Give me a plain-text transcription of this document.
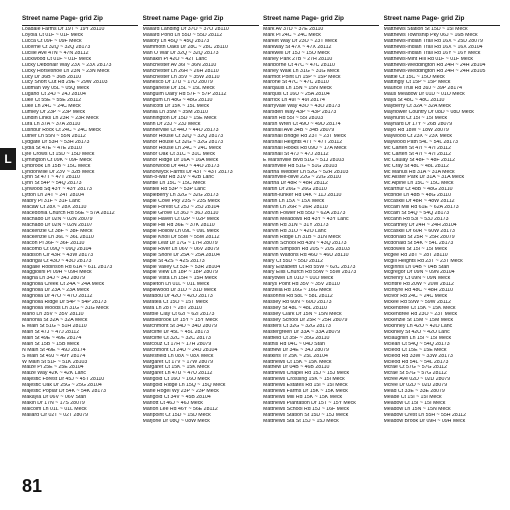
L
Street name Page- grid Zip
Loadale Farms Dr 19T ~ 19Y 28110
Loyola Ct 01F ~ 01F Meck
Lucca Ct 09F ~ 09F Meck
Lucerne Ct 32Q ~ 32Q 28173
Lucille Ave 47N ~ 47N 28112
Luckwood Ct 01F ~ 01F Meck
Lucky Debonair Way 23X ~ 23X 28173
Lucky Horseshoe Ln 23N ~ 23N Meck
Lucy Dr 36B ~ 36B 28110
Lucy Short Cut Rd 29E ~ 29W 28103
Ludman Wy 05L ~ 05Q Meck
Lugano Ct 24J ~ 24J 28104
Luke Ct 55E ~ 55E 28112
Luke Ln 24C ~ 24C Meck
Lumley Dr 23P ~ 23P Meck
Lundin Links Ln 23R ~ 23R Meck
Lura Ln 37A ~ 37A 28110
Lushbur Rock Ct 24C ~ 24C Meck
Luther Ln 55N ~ 55N 28112
Lydgate Dr 53H ~ 53H 28173
Lydia St 47E ~ 47E 28110
Lyle Crows Ct 15D ~ 15D Meck
Lymington Ct 09K ~ 09F Meck
Lynbrook Ln 15B ~ 15C Meck
Lyndonville Dr 23V ~ 32B Meck
Lynn St 47T ~ 47T 28110
Lynn St 54P ~ 54Q 28173
Lynwood Sq 43Y ~ 43Y 28173
Lytton Ln 24T ~ 24T 28104
Mabry Pl 31F ~ 31F Lanc
Macaw Ct 28X ~ 28X 28110
Macedonia Church Rd 56E ~ 57A 28112
Machado Dr 02N ~ 02N 28079
Machado Dr 02N ~ 02N 28107
Mackenzie Ct 38F ~ 38F Meck
Mackenzie Ln 36L ~ 36L 28110
Macon Pl 36F ~ 36F 28110
Macomb Ct 09Q ~ 09Q 28104
Madison Cir 43R ~ 43W 28173
Madrigal Ct 43O ~ 43O 28173
Magalie Robinson Rd 61A ~ 61L 28173
Maggiolini Pl 09H ~ 09H Meck
Magna Ln 34J ~ 34J 28079
Magnolia Creek Ct 24A ~ 24A Meck
Magnolia Dr 23A ~ 23A Meck
Magnolia Dr 47O ~ 47O 28112
Magnolia Ridge Dr 54P ~ 54P 28173
Magnolia Woods Ln 31G ~ 31G Meck
Maho Ln 35V ~ 35V 28110
Mahonia St 32A ~ 32A Meck
E Main St 51G ~ 51H 28110
Main St 47J ~ 47J 28112
Main St 49E ~ 49E 28174
Main St 15B ~ 15B Meck
N Main St 49E ~ 49J 28174
S Main St 49J ~ 49Y 28174
W Main St 51F ~ 51K 28103
Maize Pl 25E ~ 25E 28104
Maize Way 42K ~ 42K Lanc
Majestic Forest Dr 45J ~ 45T 28110
Majestic Oak Dr 25G ~ 25G 28104
Majestic Poplar Dr 54K ~ 54K 28173
Makayla Dr 06V ~ 06V Stan
Makin Dr 17N ~ 17S 28079
Malcolm Ln 01L ~ 01L Meck
Mallard Cir 02T ~ 02T 28079
Street name Page- grid Zip
Mallard Landing Dr 37O ~ 37O 28110
Mallard Pond Ln 55D ~ 55D 28112
Mallory Ln 45Q ~ 45Q 28173
Mammoth Oaks Dr 28C ~ 28C 28110
Man O War Dr 32Q ~ 32Q 28173
Manakin Pl 42O ~ 42T Lanc
Manchester Av 36I ~ 36N 28110
Manchester Ln 26H ~ 26H 28110
Manchester Ln 35V ~ 35W 28110
Manesco Dr 17U ~ 17U 28079
Manganese Dr 15L ~ 15L Meck
Manguim Dairy Rd 57F ~ 57P 28112
Mangum Ln 48G ~ 48G 28110
Manicotti Dr 15K ~ 15L Meck
Manila Ln 35M ~ 35M 28110
Mannington Dr 15D ~ 15E Meck
Mann Dr 23J ~ 23J Meck
Mannerville Ct 44O ~ 44O 28173
Manor House Ct 32Q ~ 32Q 28173
Manor House Ct 32G ~ 32G 28173
Manor House Ln 24C ~ 24C Meck
Manor Oak Ct 31C ~ 31C Meck
Manor Ridge Dr 16A ~ 16A Meck
Manorwood Dr 44O ~ 44O 28173
Manorwyck Farms Dr 43T ~ 43T 28173
Man-o-war Rd 31V ~ 42B Lanc
Mantle Ln 15C ~ 15C Meck
Mantell Rd 53P ~ 53P Lanc
Mapleberry Ln 32G ~ 32G 28173
Maple Cove Pky 23S ~ 23S Meck
Maple Forest Ct 25J ~ 25J 28104
Maple Grove Ct 36J ~ 36J 28110
Maple Haven Ct 02P ~ 02P Meck
Maple Hill Rd 36E ~ 37K 28110
Maple Hollow Ln 09L ~ 09L Meck
Maple Knoll Dr 55M ~ 55M 28112
Maple Leaf Dr 17G ~ 17H 28079
Maple River Ln 06V ~ 06V 28079
Maple Shore Dr 25A ~ 25A 28104
Maple St 42S ~ 42S 28173
Maple Valley Ct 53F ~ 53R 28104
Maple View Ln 18P ~ 18P 28079
Maple Vista Ln 15H ~ 15H Meck
Mapleton Ln 01L ~ 01L Meck
Maplewood Dr 31D ~ 31D Meck
Marabou Dr 42O ~ 42O 28173
Maratea Ct 15O ~ 15T Meck
Mara Ln 28T ~ 28T 28110
Marble Clay Ct 62I ~ 62I 28173
Marblebrook Dr 15Y ~ 15Y Meck
Marchmont St 34D ~ 34D 28079
Marcliffe Dr 45L ~ 45L 28173
Marcliffe Ct 32C ~ 32C 28173
Marcouz Ct 17H ~ 17H 28079
Marchmont Ct 24U ~ 24U 28104
Maresfield Ln 08X ~ 08X Meck
Margaret Ct 17V ~ 17W 28079
Margaret Ct 15K ~ 15K Meck
Margaret Ln 47U ~ 47U 28112
Marigold Ct 16O ~ 16O Meck
Marigold Ridge Ln 15Q ~ 15Q Meck
Marie Rogel Wy 23P ~ 23P Meck
Marigold Ct 34V ~ 45B 28104
Mariott Ct 46J ~ 46J Meck
Marion Lee Rd 46Y ~ 56E 28112
Marlpoint Ct 15D ~ 15D Meck
Marjorie Dr 08Q ~ 08W Meck
Street name Page- grid Zip
Mark Av 37D ~ 37E 28110
Mark Pl 24C ~ 24C Meck
Market Way Dr 23O ~ 23T Meck
Markway St 47X ~ 47X 28112
Markwell Dr 15J ~ 15O Meck
Marley Park 27B ~ 27H 28110
Marlborne Ct 47C ~ 47C 28110
Marley Walk Ln 31G ~ 31G Meck
Marmot Point Ln 15P ~ 15P Meck
Marone St 47C ~ 47C 28110
Marqauis Ln 15N ~ 15N Meck
Marquis Ct 16U ~ 25A 28104
Marrick Ln 49I ~ 49I 28174
Marryvale Way 43O ~ 43O 28173
Marsden Way 43P ~ 43P 28173
Marsh Rd 55I ~ 55I 28103
Marsh Wren Ct 49O ~ 49O 28174
Marshall Ave 34B ~ 34B 28079
Marshall Bridge Rd 23T ~ 23T Meck
Marshall Heights 47T ~ 47T 28112
Marshall Hooks Rd 09U ~ 17A Meck
Marshall St 47J ~ 47J 28112
E Marshville Blvd 51G ~ 51J 28103
Marshville Rd 51G ~ 51G 28103
Martha Webber Ln 52G ~ 52R 28103
Marshville-olive 22G ~ 22G 28110
Martha Dr 48R ~ 48R 28112
Martin Dr 26G ~ 26G 28110
Martin-lunker Rd 04K ~ 11J 28110
Martin Ln 15X ~ 15X Meck
Marvin Ln 26R ~ 26R 28110
Marvin Fowler Rd 55U ~ 62A 28173
Marvin Meadows Rd 43Y ~ 43Y Lanc
Marvin Rd 31N ~ 31Y 28173
Marvin Rd 31O ~ 42O Lanc
Marvin Ridge Ln 31B ~ 31N Meck
Marvin School Rd 43N ~ 43Q 28173
Marvin Simpson Rd 20S ~ 20S 28103
Marvin Waltons Rd 46U ~ 46U 28110
Mary Ct 55D ~ 55D 28112
Mary Elizabeth Ct Rd 55W ~ 62C 28173
Mary Ellis Church Rd 55W ~ 55W 28173
Maryowel Ln 01O ~ 01O Meck
Marys Point Rd 35V ~ 35V 28110
Marzella Rd 16G ~ 16G Meck
Masonhill Rd 58L ~ 58L 28112
Massey Rd 60N ~ 60O 28173
Massey St 48L ~ 48L 28110
Massey Clark Dr 15N ~ 15N Meck
Massey School Dr 25R ~ 25R 28079
Masters Ct 32G ~ 32G 28173
Mastergreen Dr 33A ~ 33A 28079
Matfield Ct 35F ~ 35G 28110
Mathis Rd 04C ~ 04D Stan
Mathew Dr 34E ~ 34J 28079
Matkins Tr 25K ~ 25L 28104
Matthews Ct 15K ~ 15K Meck
Mathew Dr 04B ~ 46B 28110
Matthews Chapel Rd 15J ~ 15J Meck
Matthews Crossing 15K ~ 15I Meck
Matthews Estates Rd 15I ~ 15I Meck
Matthews Farms Dr 15K ~ 15K Meck
Matthews Mill Rd 15K ~ 15K Meck
Matthews Plantation Dr 15T ~ 15Y Meck
Matthews School Rd 15J ~ 16F Meck
Matthews Station St 15D ~ 15J Meck
Matthews Sta St 15J ~ 15J Meck
Street name Page- grid Zip
Matthews Station St 15D ~ 15I Meck
Matthews Township Pky 06J ~ 16B Meck
Matthews-Indian Trail Rd 16X ~ 25D 28079
Matthews-Indian Trail Rd 16X ~ 16X 28104
Matthews-Indian Trail Rd 16Y ~ 16Y Meck
Matthews-Mint Hill Rd 01F ~ 01F Meck
Matthews-Weddington Rd 24H ~ 24H 28104
Matthews-Weddington Rd 24H ~ 24H 28105
Mattie Ct 15C ~ 15O Meck
Mattingly Ct 15P ~ 15P Meck
Maurice Trull Rd 39J ~ 39P 28174
Maus Meadow Dr 01D ~ 01O Meck
Maya St 48C ~ 48C 28110
Mayberry Ct 32A ~ 32A Meck
Mayflower Country Dr 08D ~ 08D Meck
Mayhurst Ct 15I ~ 15I Meck
Maynard Dr 17Y ~ 26B 28079
Mayo Rd 18W ~ 18W 28079
Maywood Ct 23X ~ 23X Meck
Maywood Path 54L ~ 54L 28173
Mc Carten St 47I ~ 47I 28112
Mc Carten St 47I ~ 47I 28112
Mc Caulay St 48F ~ 48F 28112
Mc Cray St 48L ~ 48L 28112
Mc Manus Rd 31A ~ 31A Meck
Mc Alister Park Dr 31A ~ 31A Meck
Mc Alpine Ln 15C ~ 15C Meck
Mcarthur Ct 48B ~ 48G 28110
Mcbride Ln 48B ~ 48G 28110
Mccaskill Dr 48R ~ 48W 28112
Mccain Mill Rd 61E ~ 62A 28173
Mccain St 54Q ~ 54Q 28173
Mccann Rd 53I ~ 53J 28173
Mccartney Dr 24H ~ 24H 28104
Mccaskill Dr 60R ~ 60W 28173
Mcdonald St 25R ~ 25R 28079
Mcdonald St 54K ~ 54L 28173
Mcdowell St 15I ~ 15I Meck
Mcgee Rd 28T ~ 28T 28110
Mcgill Heights Rd 23T ~ 23T Meck
Mcginnis Ln 04B ~ 04B Stan
Mcgregor Dr 09N ~ 09N 28104
Mchenry Ct 09N ~ 09N Meck
Mcintire Rd 20W ~ 20W 28112
Mcintyre Rd 48C ~ 48H 28110
Mcivor Rd 24C ~ 24C Meck
Mckee Rd 59W ~ 59W 28112
Mckendree Ct 15K ~ 15K Meck
Mckendree Rd 23O ~ 23T Meck
Mckenzie St 15M ~ 15M Meck
Mckinney Ln 42O ~ 42O Lanc
Mckinley St 42O ~ 42O Lanc
Mclaughlin Ln 15I ~ 15I Meck
Mclean Ct 54Q ~ 54Q 28173
Mcleod Ct 15E ~ 15E Meck
Mcleod Rd 33W ~ 33W 28173
Mcleod Rd 54L ~ 54L 28173
Mcrae Ct 57G ~ 57G 28112
Mcrae St 57G ~ 57G 28112
Mcree Ave 02D ~ 02D 28079
Mcree Dr 02D ~ 02D 28079
Mead Ct 33E ~ 33E 28079
Meade Ct 15I ~ 15I Meck
Meadow Ct 15I ~ 15I Meck
Meadow Ln 15N ~ 15N Meck
Meadow Crest Ln 55H ~ 55H 28112
Meadow Brook Dr 09H ~ 09H Meck
81
